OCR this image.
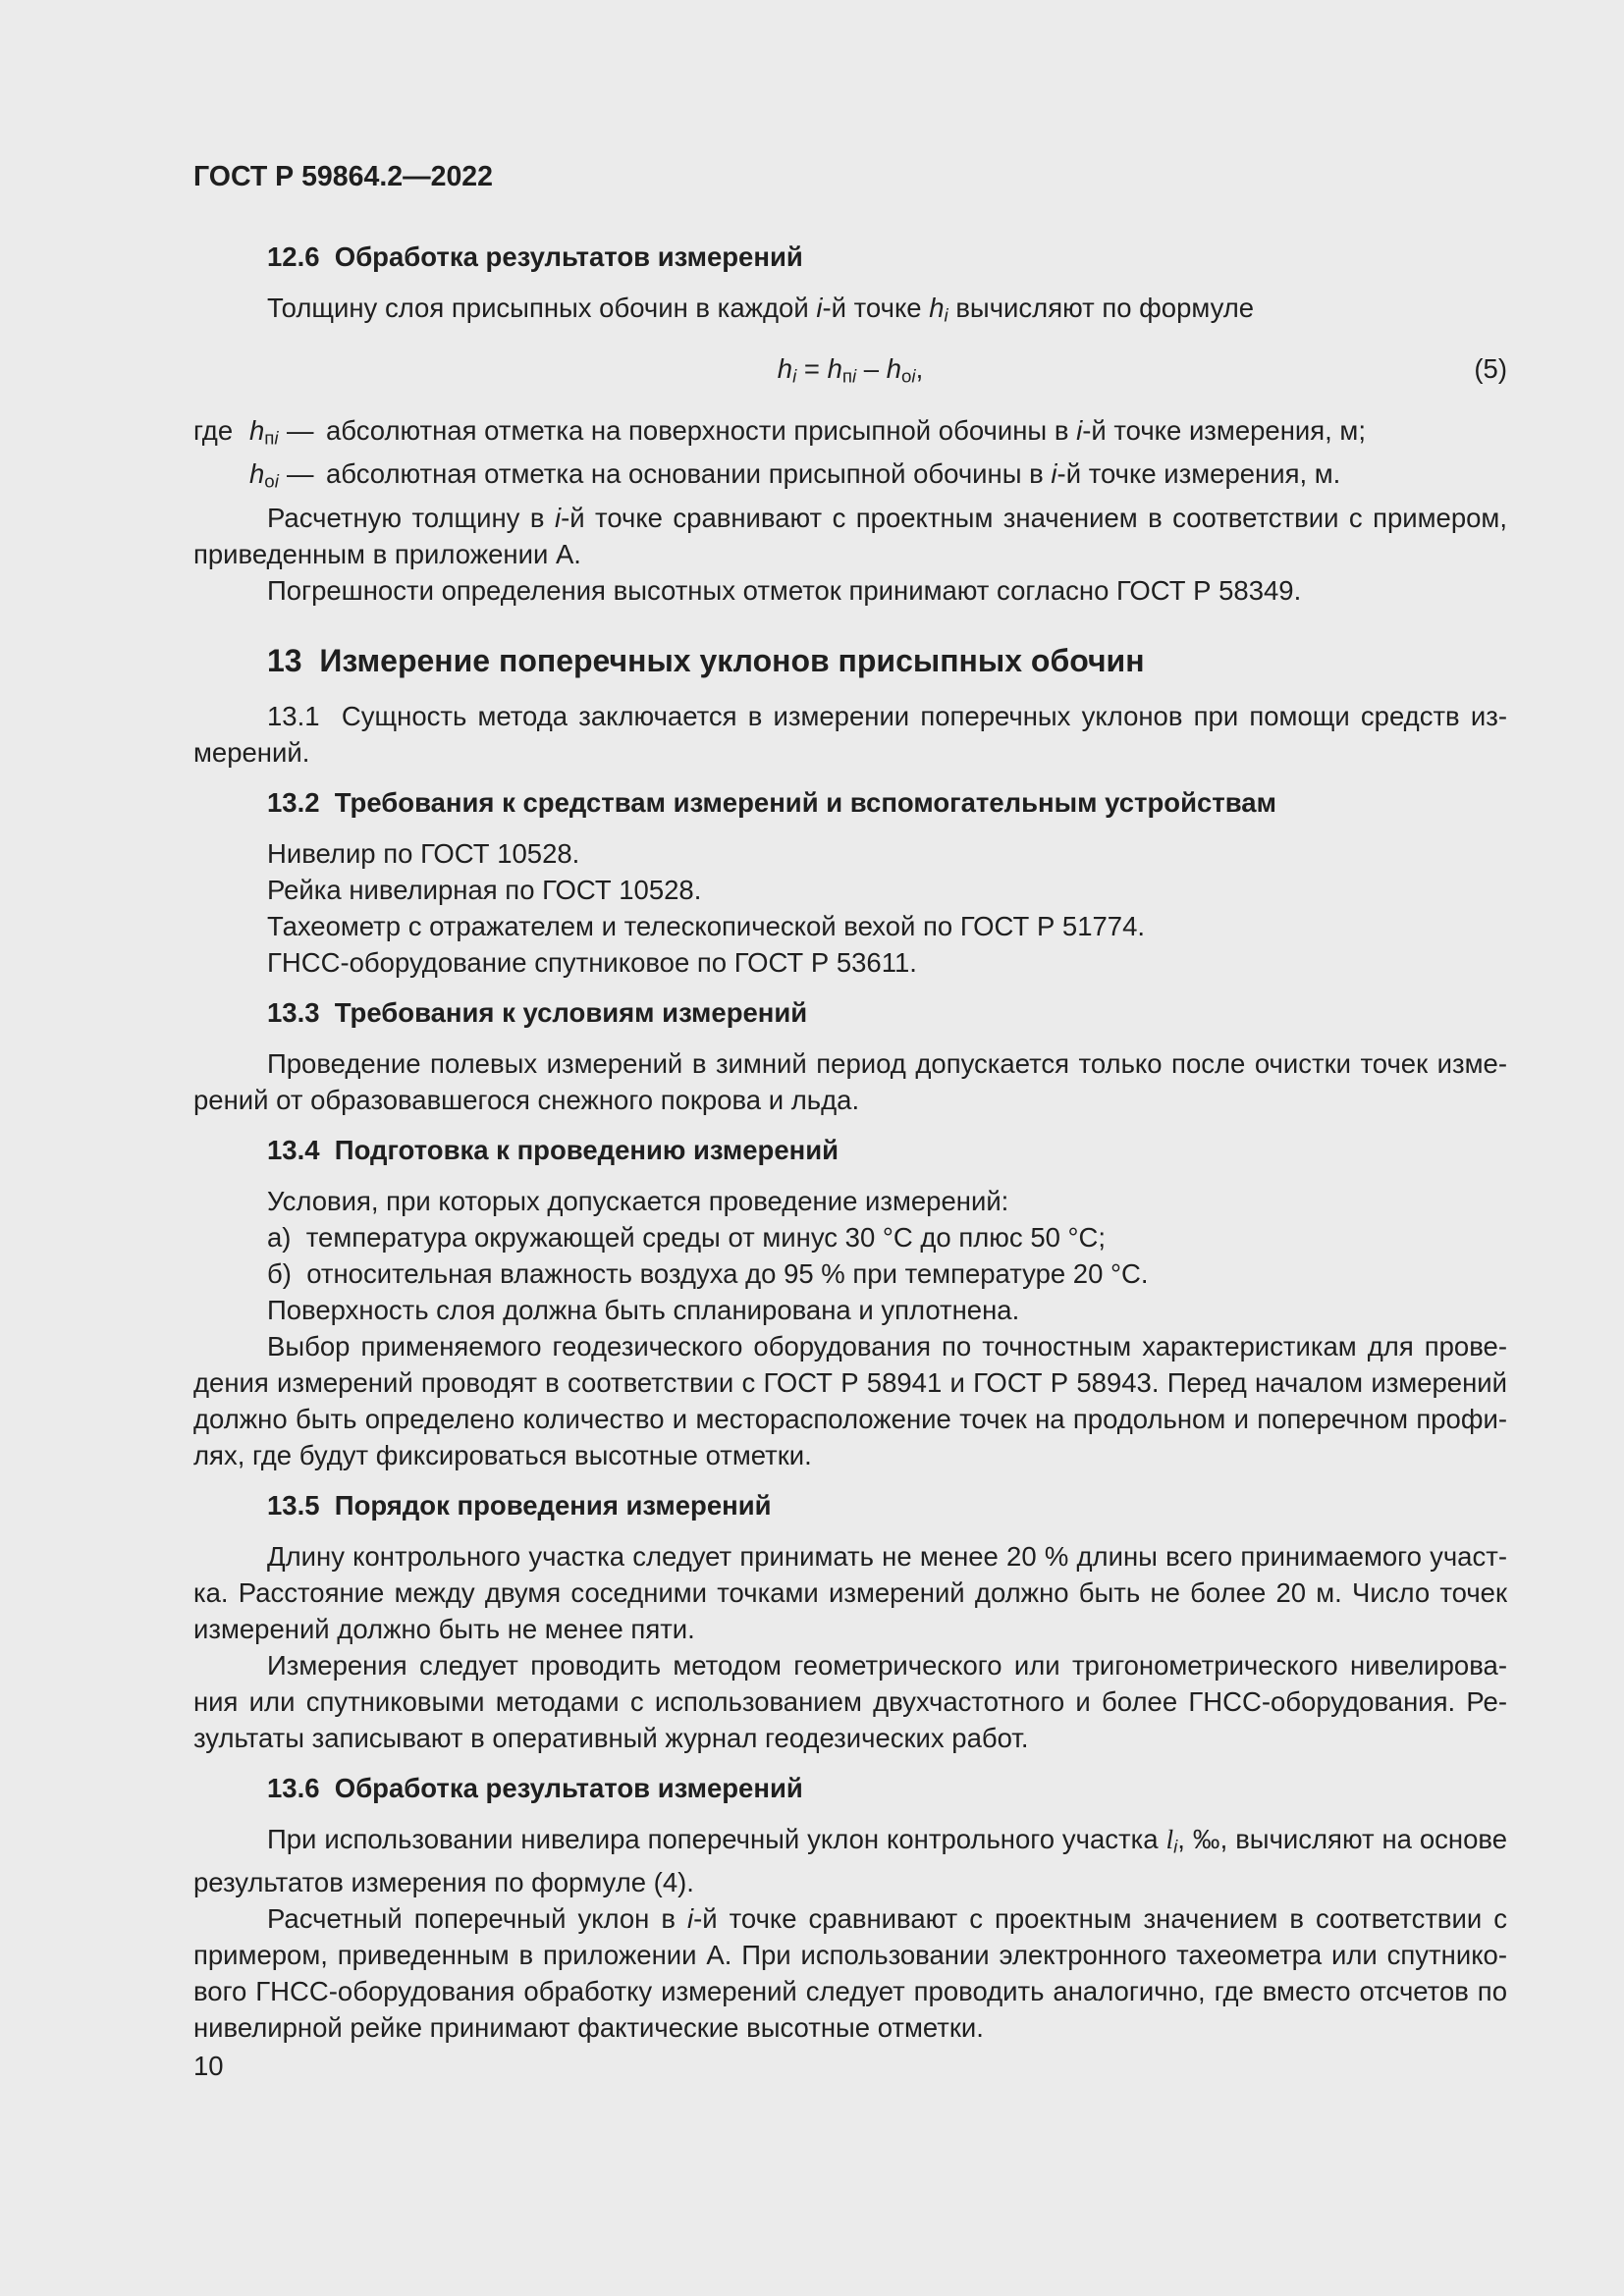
ГОСТ Р 59864.2—2022

12.6  Обработка результатов измерений

Толщину слоя присыпных обочин в каждой i-й точке $h_i$ вычисляют по формуле

$h_i = h_{пi} - h_{оi}$,	(5)
где $h_{пi}$ — абсолютная отметка на поверхности присыпной обочины в i-й точке измерения, м;
$h_{оi}$ — абсолютная отметка на основании присыпной обочины в i-й точке измерения, м.

Расчетную толщину в i-й точке сравнивают с проектным значением в соответствии с примером, приведенным в приложении А.

Погрешности определения высотных отметок принимают согласно ГОСТ Р 58349.

13  Измерение поперечных уклонов присыпных обочин

13.1  Сущность метода заключается в измерении поперечных уклонов при помощи средств измерений.

13.2  Требования к средствам измерений и вспомогательным устройствам

Нивелир по ГОСТ 10528.

Рейка нивелирная по ГОСТ 10528.

Тахеометр с отражателем и телескопической вехой по ГОСТ Р 51774.

ГНСС-оборудование спутниковое по ГОСТ Р 53611.

13.3  Требования к условиям измерений

Проведение полевых измерений в зимний период допускается только после очистки точек измерений от образовавшегося снежного покрова и льда.

13.4  Подготовка к проведению измерений

Условия, при которых допускается проведение измерений:

а)  температура окружающей среды от минус 30 °С до плюс 50 °С;

б)  относительная влажность воздуха до 95 % при температуре 20 °С.

Поверхность слоя должна быть спланирована и уплотнена.

Выбор применяемого геодезического оборудования по точностным характеристикам для проведения измерений проводят в соответствии с ГОСТ Р 58941 и ГОСТ Р 58943. Перед началом измерений должно быть определено количество и месторасположение точек на продольном и поперечном профилях, где будут фиксироваться высотные отметки.

13.5  Порядок проведения измерений

Длину контрольного участка следует принимать не менее 20 % длины всего принимаемого участка. Расстояние между двумя соседними точками измерений должно быть не более 20 м. Число точек измерений должно быть не менее пяти.

Измерения следует проводить методом геометрического или тригонометрического нивелирования или спутниковыми методами с использованием двухчастотного и более ГНСС-оборудования. Результаты записывают в оперативный журнал геодезических работ.

13.6  Обработка результатов измерений

При использовании нивелира поперечный уклон контрольного участка $l_i$, ‰, вычисляют на основе результатов измерения по формуле (4).

Расчетный поперечный уклон в i-й точке сравнивают с проектным значением в соответствии с примером, приведенным в приложении А. При использовании электронного тахеометра или спутникового ГНСС-оборудования обработку измерений следует проводить аналогично, где вместо отсчетов по нивелирной рейке принимают фактические высотные отметки.

10
